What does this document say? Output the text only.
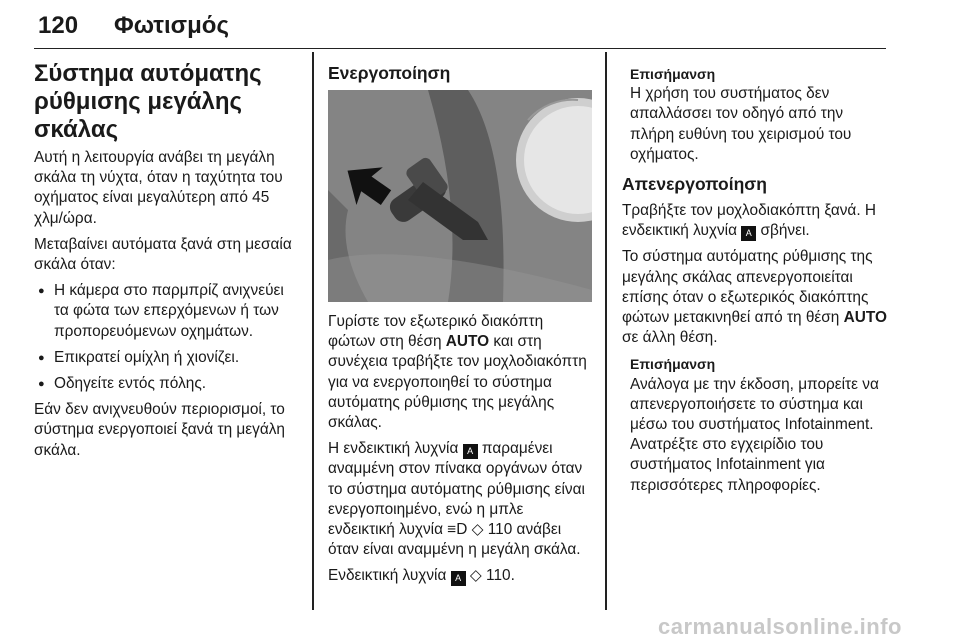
120 Φωτισμός
Σύστημα αυτόματης
ρύθμισης μεγάλης σκάλας

Αυτή η λειτουργία ανάβει τη μεγάλη σκάλα τη νύχτα, όταν η ταχύτητα του οχήματος είναι μεγαλύτερη από 45 χλμ/ώρα.

Μεταβαίνει αυτόματα ξανά στη μεσαία σκάλα όταν:

● Η κάμερα στο παρμπρίζ ανιχνεύει τα φώτα των επερχόμενων ή των προπορευόμενων οχημάτων.
● Επικρατεί ομίχλη ή χιονίζει.
● Οδηγείτε εντός πόλης.

Εάν δεν ανιχνευθούν περιορισμοί, το σύστημα ενεργοποιεί ξανά τη μεγάλη σκάλα.

Ενεργοποίηση

Γυρίστε τον εξωτερικό διακόπτη φώτων στη θέση AUTO και στη συνέχεια τραβήξτε τον μοχλοδιακόπτη για να ενεργοποιηθεί το σύστημα αυτόματης ρύθμισης της μεγάλης σκάλας.

Η ενδεικτική λυχνία A παραμένει αναμμένη στον πίνακα οργάνων όταν το σύστημα αυτόματης ρύθμισης είναι ενεργοποιημένο, ενώ η μπλε ενδεικτική λυχνία ≡D ◇ 110 ανάβει όταν είναι αναμμένη η μεγάλη σκάλα.

Ενδεικτική λυχνία A ◇ 110.

Επισήμανση
Η χρήση του συστήματος δεν απαλλάσσει τον οδηγό από την πλήρη ευθύνη του χειρισμού του οχήματος.
Απενεργοποίηση

Τραβήξτε τον μοχλοδιακόπτη ξανά. Η ενδεικτική λυχνία A σβήνει.

Το σύστημα αυτόματης ρύθμισης της μεγάλης σκάλας απενεργοποιείται επίσης όταν ο εξωτερικός διακόπτης φώτων μετακινηθεί από τη θέση AUTO σε άλλη θέση.

Επισήμανση
Ανάλογα με την έκδοση, μπορείτε να απενεργοποιήσετε το σύστημα και μέσω του συστήματος Infotainment. Ανατρέξτε στο εγχειρίδιο του συστήματος Infotainment για περισσότερες πληροφορίες.
carmanualsonline.info
